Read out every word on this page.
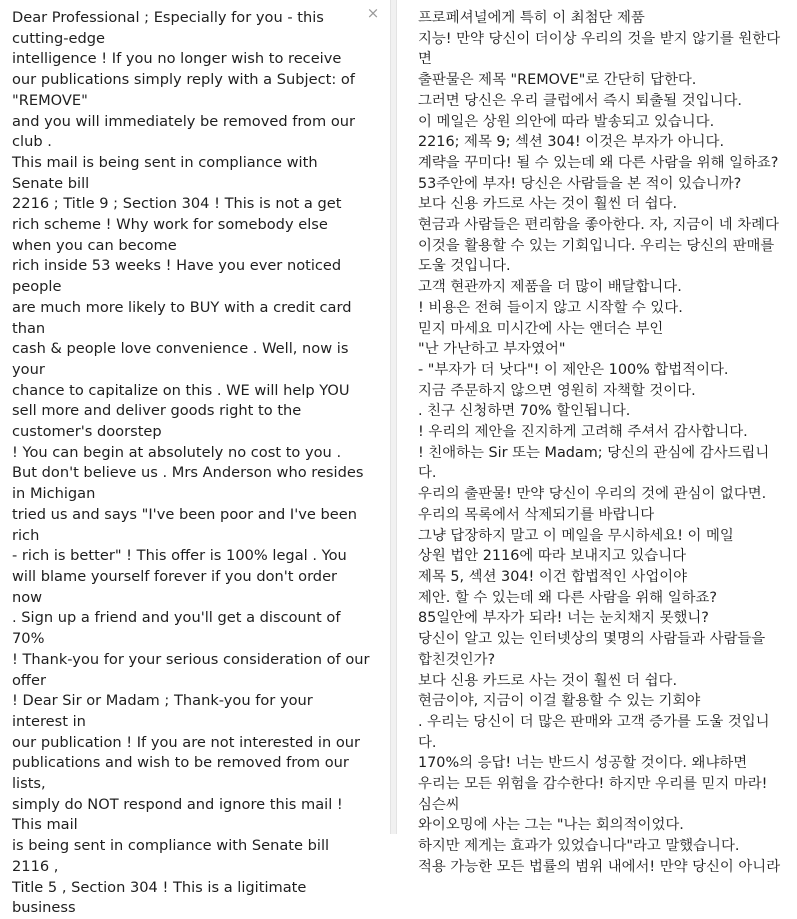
×
Dear Professional ; Especially for you - this cutting-edge
intelligence ! If you no longer wish to receive our publications simply reply with a Subject: of "REMOVE"
and you will immediately be removed from our club .
This mail is being sent in compliance with Senate bill
2216 ; Title 9 ; Section 304 ! This is not a get rich scheme ! Why work for somebody else when you can become
rich inside 53 weeks ! Have you ever noticed people
are much more likely to BUY with a credit card than
cash & people love convenience . Well, now is your
chance to capitalize on this . WE will help YOU sell more and deliver goods right to the customer's doorstep
! You can begin at absolutely no cost to you . But don't believe us . Mrs Anderson who resides in Michigan
tried us and says "I've been poor and I've been rich
- rich is better" ! This offer is 100% legal . You
will blame yourself forever if you don't order now
. Sign up a friend and you'll get a discount of 70%
! Thank-you for your serious consideration of our offer
! Dear Sir or Madam ; Thank-you for your interest in
our publication ! If you are not interested in our publications and wish to be removed from our lists,
simply do NOT respond and ignore this mail ! This mail
is being sent in compliance with Senate bill 2116 ,
Title 5 , Section 304 ! This is a ligitimate business
프로페셔널에게 특히 이 최첨단 제품
지능! 만약 당신이 더이상 우리의 것을 받지 않기를 원한다면
출판물은 제목 "REMOVE"로 간단히 답한다.
그러면 당신은 우리 클럽에서 즉시 퇴출될 것입니다.
이 메일은 상원 의안에 따라 발송되고 있습니다.
2216; 제목 9; 섹션 304! 이것은 부자가 아니다.
계략을 꾸미다! 될 수 있는데 왜 다른 사람을 위해 일하죠?
53주안에 부자! 당신은 사람들을 본 적이 있습니까?
보다 신용 카드로 사는 것이 훨씬 더 쉽다.
현금과 사람들은 편리함을 좋아한다. 자, 지금이 네 차례다
이것을 활용할 수 있는 기회입니다. 우리는 당신의 판매를 도울 것입니다.
고객 현관까지 제품을 더 많이 배달합니다.
! 비용은 전혀 들이지 않고 시작할 수 있다.
믿지 마세요 미시간에 사는 앤더슨 부인
"난 가난하고 부자였어"
- "부자가 더 낫다"! 이 제안은 100% 합법적이다.
지금 주문하지 않으면 영원히 자책할 것이다.
. 친구 신청하면 70% 할인됩니다.
! 우리의 제안을 진지하게 고려해 주셔서 감사합니다.
! 친애하는 Sir 또는 Madam; 당신의 관심에 감사드립니다.
우리의 출판물! 만약 당신이 우리의 것에 관심이 없다면.
우리의 목록에서 삭제되기를 바랍니다
그냥 답장하지 말고 이 메일을 무시하세요! 이 메일
상원 법안 2116에 따라 보내지고 있습니다
제목 5, 섹션 304! 이건 합법적인 사업이야
제안. 할 수 있는데 왜 다른 사람을 위해 일하죠?
85일안에 부자가 되라! 너는 눈치채지 못했니?
당신이 알고 있는 인터넷상의 몇명의 사람들과 사람들을 합친것인가?
보다 신용 카드로 사는 것이 훨씬 더 쉽다.
현금이야, 지금이 이걸 활용할 수 있는 기회야
. 우리는 당신이 더 많은 판매와 고객 증가를 도울 것입니다.
170%의 응답! 너는 반드시 성공할 것이다. 왜냐하면
우리는 모든 위험을 감수한다! 하지만 우리를 믿지 마라! 심슨씨
와이오밍에 사는 그는 "나는 회의적이었다.
하지만 제게는 효과가 있었습니다"라고 말했습니다.
적용 가능한 모든 법률의 범위 내에서! 만약 당신이 아니라
